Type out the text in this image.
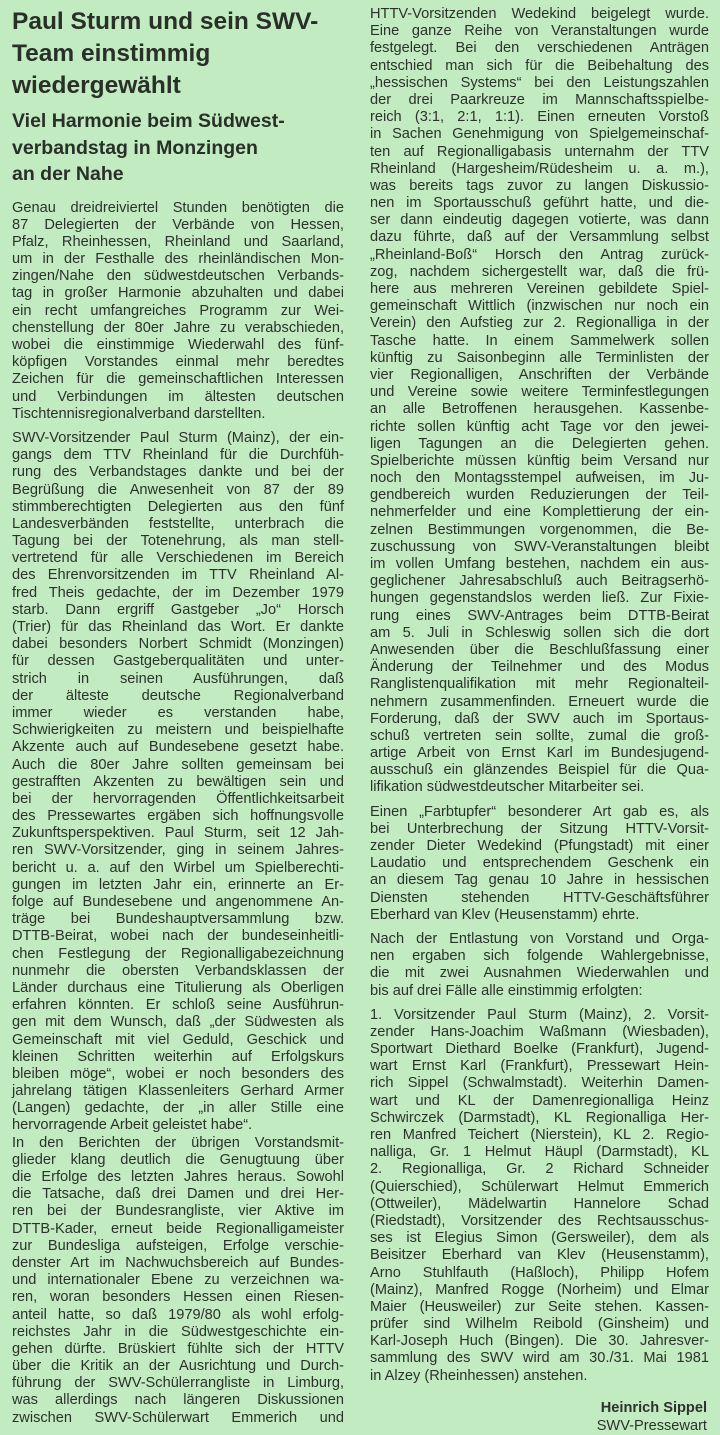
Paul Sturm und sein SWV-
Team einstimmig
wiedergewählt
Viel Harmonie beim Südwest-
verbandstag in Monzingen
an der Nahe
Genau dreidreiviertel Stunden benötigten die
87 Delegierten der Verbände von Hessen,
Pfalz, Rheinhessen, Rheinland und Saarland,
um in der Festhalle des rheinländischen Mon-
zingen/Nahe den südwestdeutschen Verbands-
tag in großer Harmonie abzuhalten und dabei
ein recht umfangreiches Programm zur Wei-
chenstellung der 80er Jahre zu verabschieden,
wobei die einstimmige Wiederwahl des fünf-
köpfigen Vorstandes einmal mehr beredtes
Zeichen für die gemeinschaftlichen Interessen
und Verbindungen im ältesten deutschen
Tischtennisregionalverband darstellten.
SWV-Vorsitzender Paul Sturm (Mainz), der ein-
gangs dem TTV Rheinland für die Durchfüh-
rung des Verbandstages dankte und bei der
Begrüßung die Anwesenheit von 87 der 89
stimmberechtigten Delegierten aus den fünf
Landesverbänden feststellte, unterbrach die
Tagung bei der Totenehrung, als man stell-
vertretend für alle Verschiedenen im Bereich
des Ehrenvorsitzenden im TTV Rheinland Al-
fred Theis gedachte, der im Dezember 1979
starb. Dann ergriff Gastgeber „Jo“ Horsch
(Trier) für das Rheinland das Wort. Er dankte
dabei besonders Norbert Schmidt (Monzingen)
für dessen Gastgeberqualitäten und unter-
strich in seinen Ausführungen, daß
der älteste deutsche Regionalverband
immer wieder es verstanden habe,
Schwierigkeiten zu meistern und beispielhafte
Akzente auch auf Bundesebene gesetzt habe.
Auch die 80er Jahre sollten gemeinsam bei
gestrafften Akzenten zu bewältigen sein und
bei der hervorragenden Öffentlichkeitsarbeit
des Pressewartes ergäben sich hoffnungsvolle
Zukunftsperspektiven. Paul Sturm, seit 12 Jah-
ren SWV-Vorsitzender, ging in seinem Jahres-
bericht u. a. auf den Wirbel um Spielberechti-
gungen im letzten Jahr ein, erinnerte an Er-
folge auf Bundesebene und angenommene An-
träge bei Bundeshauptversammlung bzw.
DTTB-Beirat, wobei nach der bundeseinheitli-
chen Festlegung der Regionalligabezeichnung
nunmehr die obersten Verbandsklassen der
Länder durchaus eine Titulierung als Oberligen
erfahren könnten. Er schloß seine Ausführun-
gen mit dem Wunsch, daß „der Südwesten als
Gemeinschaft mit viel Geduld, Geschick und
kleinen Schritten weiterhin auf Erfolgskurs
bleiben möge“, wobei er noch besonders des
jahrelang tätigen Klassenleiters Gerhard Armer
(Langen) gedachte, der „in aller Stille eine
hervorragende Arbeit geleistet habe“.
In den Berichten der übrigen Vorstandsmit-
glieder klang deutlich die Genugtuung über
die Erfolge des letzten Jahres heraus. Sowohl
die Tatsache, daß drei Damen und drei Her-
ren bei der Bundesrangliste, vier Aktive im
DTTB-Kader, erneut beide Regionalligameister
zur Bundesliga aufsteigen, Erfolge verschie-
denster Art im Nachwuchsbereich auf Bundes-
und internationaler Ebene zu verzeichnen wa-
ren, woran besonders Hessen einen Riesen-
anteil hatte, so daß 1979/80 als wohl erfolg-
reichstes Jahr in die Südwestgeschichte ein-
gehen dürfte. Brüskiert fühlte sich der HTTV
über die Kritik an der Ausrichtung und Durch-
führung der SWV-Schülerrangliste in Limburg,
was allerdings nach längeren Diskussionen
zwischen SWV-Schülerwart Emmerich und
HTTV-Vorsitzenden Wedekind beigelegt wurde.
Eine ganze Reihe von Veranstaltungen wurde
festgelegt. Bei den verschiedenen Anträgen
entschied man sich für die Beibehaltung des
„hessischen Systems“ bei den Leistungszahlen
der drei Paarkreuze im Mannschaftsspielbe-
reich (3:1, 2:1, 1:1). Einen erneuten Vorstoß
in Sachen Genehmigung von Spielgemeinschaf-
ten auf Regionalligabasis unternahm der TTV
Rheinland (Hargesheim/Rüdesheim u. a. m.),
was bereits tags zuvor zu langen Diskussio-
nen im Sportausschuß geführt hatte, und die-
ser dann eindeutig dagegen votierte, was dann
dazu führte, daß auf der Versammlung selbst
„Rheinland-Boß“ Horsch den Antrag zurück-
zog, nachdem sichergestellt war, daß die frü-
here aus mehreren Vereinen gebildete Spiel-
gemeinschaft Wittlich (inzwischen nur noch ein
Verein) den Aufstieg zur 2. Regionalliga in der
Tasche hatte. In einem Sammelwerk sollen
künftig zu Saisonbeginn alle Terminlisten der
vier Regionalligen, Anschriften der Verbände
und Vereine sowie weitere Terminfestlegungen
an alle Betroffenen herausgehen. Kassenbe-
richte sollen künftig acht Tage vor den jewei-
ligen Tagungen an die Delegierten gehen.
Spielberichte müssen künftig beim Versand nur
noch den Montagsstempel aufweisen, im Ju-
gendbereich wurden Reduzierungen der Teil-
nehmerfelder und eine Komplettierung der ein-
zelnen Bestimmungen vorgenommen, die Be-
zuschussung von SWV-Veranstaltungen bleibt
im vollen Umfang bestehen, nachdem ein aus-
geglichener Jahresabschluß auch Beitragserhö-
hungen gegenstandslos werden ließ. Zur Fixie-
rung eines SWV-Antrages beim DTTB-Beirat
am 5. Juli in Schleswig sollen sich die dort
Anwesenden über die Beschlußfassung einer
Änderung der Teilnehmer und des Modus
Ranglistenqualifikation mit mehr Regionalteil-
nehmern zusammenfinden. Erneuert wurde die
Forderung, daß der SWV auch im Sportaus-
schuß vertreten sein sollte, zumal die groß-
artige Arbeit von Ernst Karl im Bundesjugend-
ausschuß ein glänzendes Beispiel für die Qua-
lifikation südwestdeutscher Mitarbeiter sei.
Einen „Farbtupfer“ besonderer Art gab es, als
bei Unterbrechung der Sitzung HTTV-Vorsit-
zender Dieter Wedekind (Pfungstadt) mit einer
Laudatio und entsprechendem Geschenk ein
an diesem Tag genau 10 Jahre in hessischen
Diensten stehenden HTTV-Geschäftsführer
Eberhard van Klev (Heusenstamm) ehrte.
Nach der Entlastung von Vorstand und Orga-
nen ergaben sich folgende Wahlergebnisse,
die mit zwei Ausnahmen Wiederwahlen und
bis auf drei Fälle alle einstimmig erfolgten:
1. Vorsitzender Paul Sturm (Mainz), 2. Vorsit-
zender Hans-Joachim Waßmann (Wiesbaden),
Sportwart Diethard Boelke (Frankfurt), Jugend-
wart Ernst Karl (Frankfurt), Pressewart Hein-
rich Sippel (Schwalmstadt). Weiterhin Damen-
wart und KL der Damenregionalliga Heinz
Schwirczek (Darmstadt), KL Regionalliga Her-
ren Manfred Teichert (Nierstein), KL 2. Regio-
nalliga, Gr. 1 Helmut Häupl (Darmstadt), KL
2. Regionalliga, Gr. 2 Richard Schneider
(Quierschied), Schülerwart Helmut Emmerich
(Ottweiler), Mädelwartin Hannelore Schad
(Riedstadt), Vorsitzender des Rechtsausschus-
ses ist Elegius Simon (Gersweiler), dem als
Beisitzer Eberhard van Klev (Heusenstamm),
Arno Stuhlfauth (Haßloch), Philipp Hofem
(Mainz), Manfred Rogge (Norheim) und Elmar
Maier (Heusweiler) zur Seite stehen. Kassen-
prüfer sind Wilhelm Reibold (Ginsheim) und
Karl-Joseph Huch (Bingen). Die 30. Jahresver-
sammlung des SWV wird am 30./31. Mai 1981
in Alzey (Rheinhessen) anstehen.
Heinrich Sippel
SWV-Pressewart
